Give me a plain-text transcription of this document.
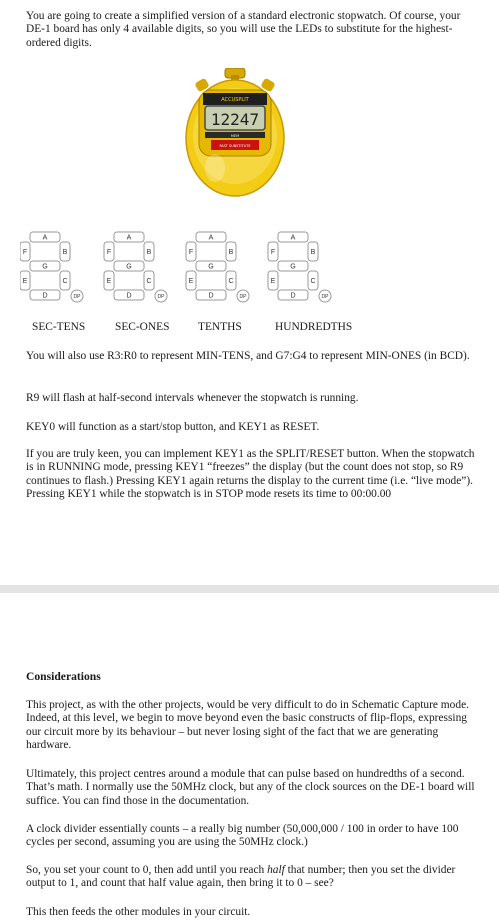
You are going to create a simplified version of a standard electronic stopwatch. Of course, your DE-1 board has only 4 available digits, so you will use the LEDs to substitute for the highest-ordered digits.

ACCUSPLIT
12247
MEM
FAST SUBSTITUTE
A
B
C
D
E
F
G
DP
A
B
C
D
E
F
G
DP
A
B
C
D
E
F
G
DP
A
B
C
D
E
F
G
DP
SEC-TENS	SEC-ONES	TENTHS	HUNDREDTHS

You will also use R3:R0 to represent MIN-TENS, and G7:G4 to represent MIN-ONES (in BCD).

R9 will flash at half-second intervals whenever the stopwatch is running.

KEY0 will function as a start/stop button, and KEY1 as RESET.

If you are truly keen, you can implement KEY1 as the SPLIT/RESET button. When the stopwatch is in RUNNING mode, pressing KEY1 “freezes” the display (but the count does not stop, so R9 continues to flash.) Pressing KEY1 again returns the display to the current time (i.e. “live mode”). Pressing KEY1 while the stopwatch is in STOP mode resets its time to 00:00.00

Considerations

This project, as with the other projects, would be very difficult to do in Schematic Capture mode. Indeed, at this level, we begin to move beyond even the basic constructs of flip-flops, expressing our circuit more by its behaviour – but never losing sight of the fact that we are generating hardware.

Ultimately, this project centres around a module that can pulse based on hundredths of a second. That’s math. I normally use the 50MHz clock, but any of the clock sources on the DE-1 board will suffice. You can find those in the documentation.

A clock divider essentially counts – a really big number (50,000,000 / 100 in order to have 100 cycles per second, assuming you are using the 50MHz clock.)

So, you set your count to 0, then add until you reach half that number; then you set the divider output to 1, and count that half value again, then bring it to 0 – see?

This then feeds the other modules in your circuit.
